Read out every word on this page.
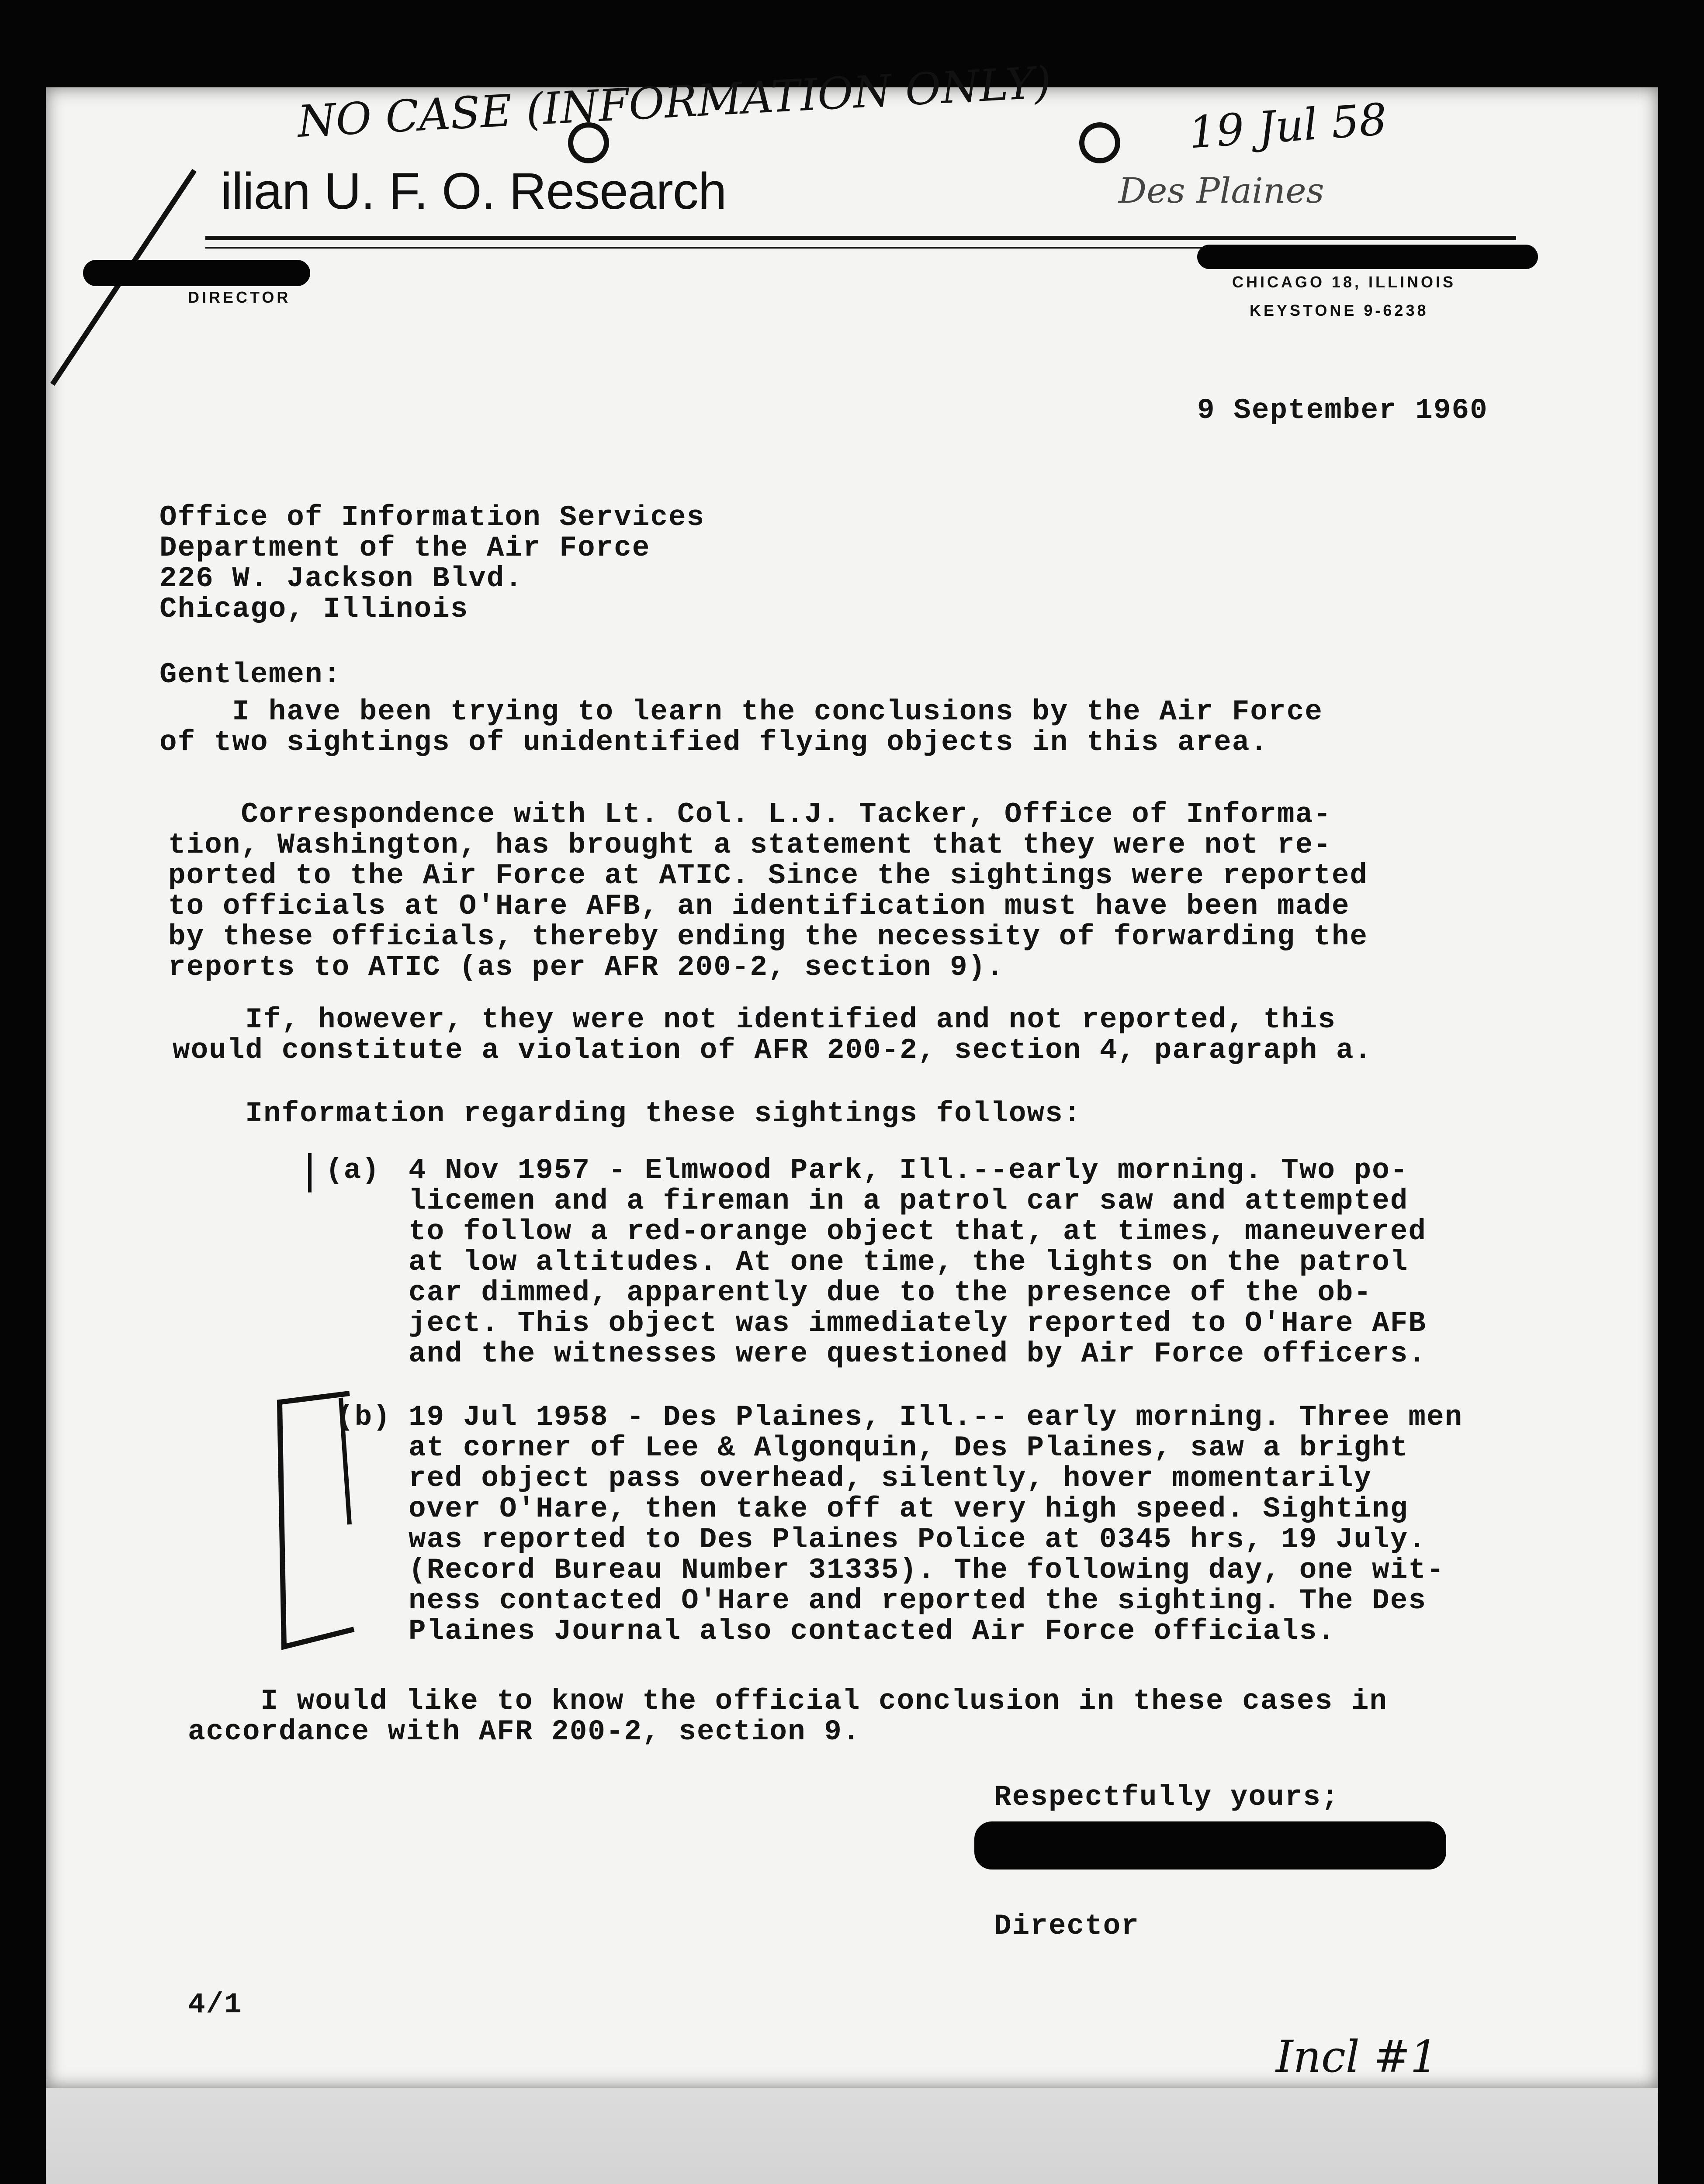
NO CASE (INFORMATION ONLY)	19 Jul 58
Des Plaines
Incl #1
ilian U. F. O. Research
DIRECTOR
CHICAGO 18, ILLINOIS
KEYSTONE 9-6238
9 September 1960
Office of Information Services
Department of the Air Force
226 W. Jackson Blvd.
Chicago, Illinois
Gentlemen:
I have been trying to learn the conclusions by the Air Force
of two sightings of unidentified flying objects in this area.
Correspondence with Lt. Col. L.J. Tacker, Office of Informa-
tion, Washington, has brought a statement that they were not re-
ported to the Air Force at ATIC. Since the sightings were reported
to officials at O'Hare AFB, an identification must have been made
by these officials, thereby ending the necessity of forwarding the
reports to ATIC (as per AFR 200-2, section 9).
If, however, they were not identified and not reported, this
would constitute a violation of AFR 200-2, section 4, paragraph a.
Information regarding these sightings follows:
(a) 4 Nov 1957 - Elmwood Park, Ill.--early morning. Two po-
licemen and a fireman in a patrol car saw and attempted
to follow a red-orange object that, at times, maneuvered
at low altitudes. At one time, the lights on the patrol
car dimmed, apparently due to the presence of the ob-
ject. This object was immediately reported to O'Hare AFB
and the witnesses were questioned by Air Force officers.
(b) 19 Jul 1958 - Des Plaines, Ill.-- early morning. Three men
at corner of Lee & Algonquin, Des Plaines, saw a bright
red object pass overhead, silently, hover momentarily
over O'Hare, then take off at very high speed. Sighting
was reported to Des Plaines Police at 0345 hrs, 19 July.
(Record Bureau Number 31335). The following day, one wit-
ness contacted O'Hare and reported the sighting. The Des
Plaines Journal also contacted Air Force officials.
I would like to know the official conclusion in these cases in
accordance with AFR 200-2, section 9.
Respectfully yours;
Director
4/1
